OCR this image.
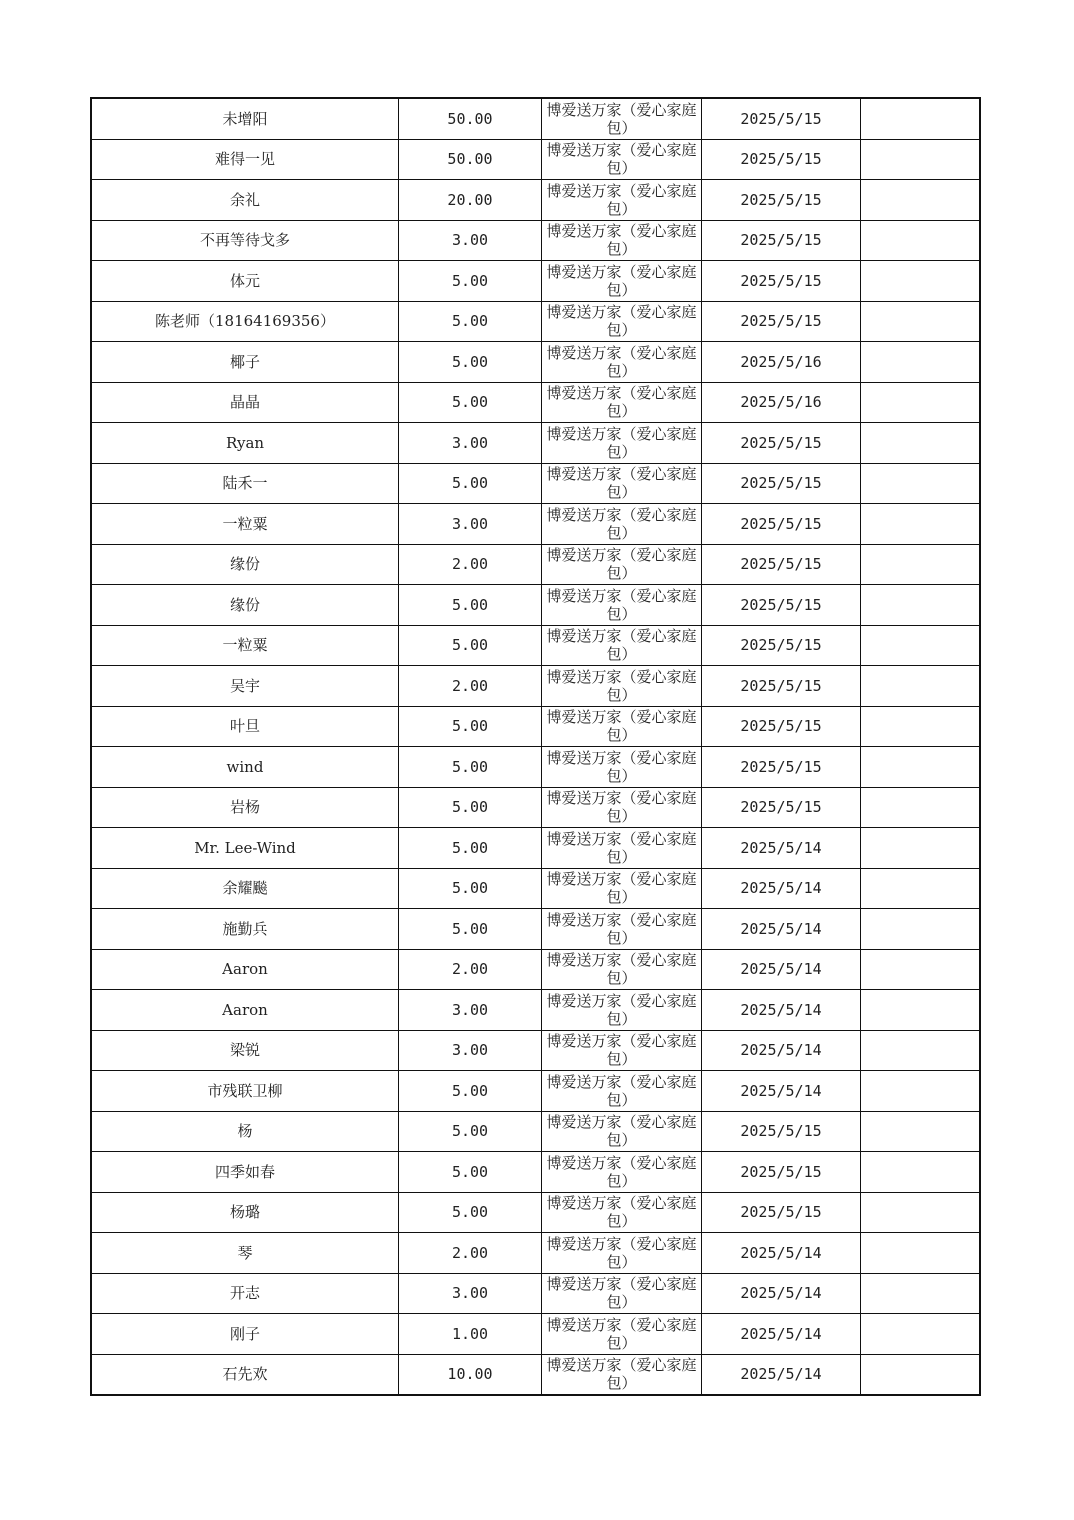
未增阳	50.00	博爱送万家（爱心家庭包）	2025/5/15	
难得一见	50.00	博爱送万家（爱心家庭包）	2025/5/15	
余礼	20.00	博爱送万家（爱心家庭包）	2025/5/15	
不再等待戈多	3.00	博爱送万家（爱心家庭包）	2025/5/15	
体元	5.00	博爱送万家（爱心家庭包）	2025/5/15	
陈老师（18164169356）	5.00	博爱送万家（爱心家庭包）	2025/5/15	
椰子	5.00	博爱送万家（爱心家庭包）	2025/5/16	
晶晶	5.00	博爱送万家（爱心家庭包）	2025/5/16	
Ryan	3.00	博爱送万家（爱心家庭包）	2025/5/15	
陆禾一	5.00	博爱送万家（爱心家庭包）	2025/5/15	
一粒粟	3.00	博爱送万家（爱心家庭包）	2025/5/15	
缘份	2.00	博爱送万家（爱心家庭包）	2025/5/15	
缘份	5.00	博爱送万家（爱心家庭包）	2025/5/15	
一粒粟	5.00	博爱送万家（爱心家庭包）	2025/5/15	
吴宇	2.00	博爱送万家（爱心家庭包）	2025/5/15	
叶旦	5.00	博爱送万家（爱心家庭包）	2025/5/15	
wind	5.00	博爱送万家（爱心家庭包）	2025/5/15	
岩杨	5.00	博爱送万家（爱心家庭包）	2025/5/15	
Mr. Lee-Wind	5.00	博爱送万家（爱心家庭包）	2025/5/14	
余耀飈	5.00	博爱送万家（爱心家庭包）	2025/5/14	
施勤兵	5.00	博爱送万家（爱心家庭包）	2025/5/14	
Aaron	2.00	博爱送万家（爱心家庭包）	2025/5/14	
Aaron	3.00	博爱送万家（爱心家庭包）	2025/5/14	
梁锐	3.00	博爱送万家（爱心家庭包）	2025/5/14	
市残联卫柳	5.00	博爱送万家（爱心家庭包）	2025/5/14	
杨	5.00	博爱送万家（爱心家庭包）	2025/5/15	
四季如春	5.00	博爱送万家（爱心家庭包）	2025/5/15	
杨璐	5.00	博爱送万家（爱心家庭包）	2025/5/15	
琴	2.00	博爱送万家（爱心家庭包）	2025/5/14	
开志	3.00	博爱送万家（爱心家庭包）	2025/5/14	
刚子	1.00	博爱送万家（爱心家庭包）	2025/5/14	
石先欢	10.00	博爱送万家（爱心家庭包）	2025/5/14	
